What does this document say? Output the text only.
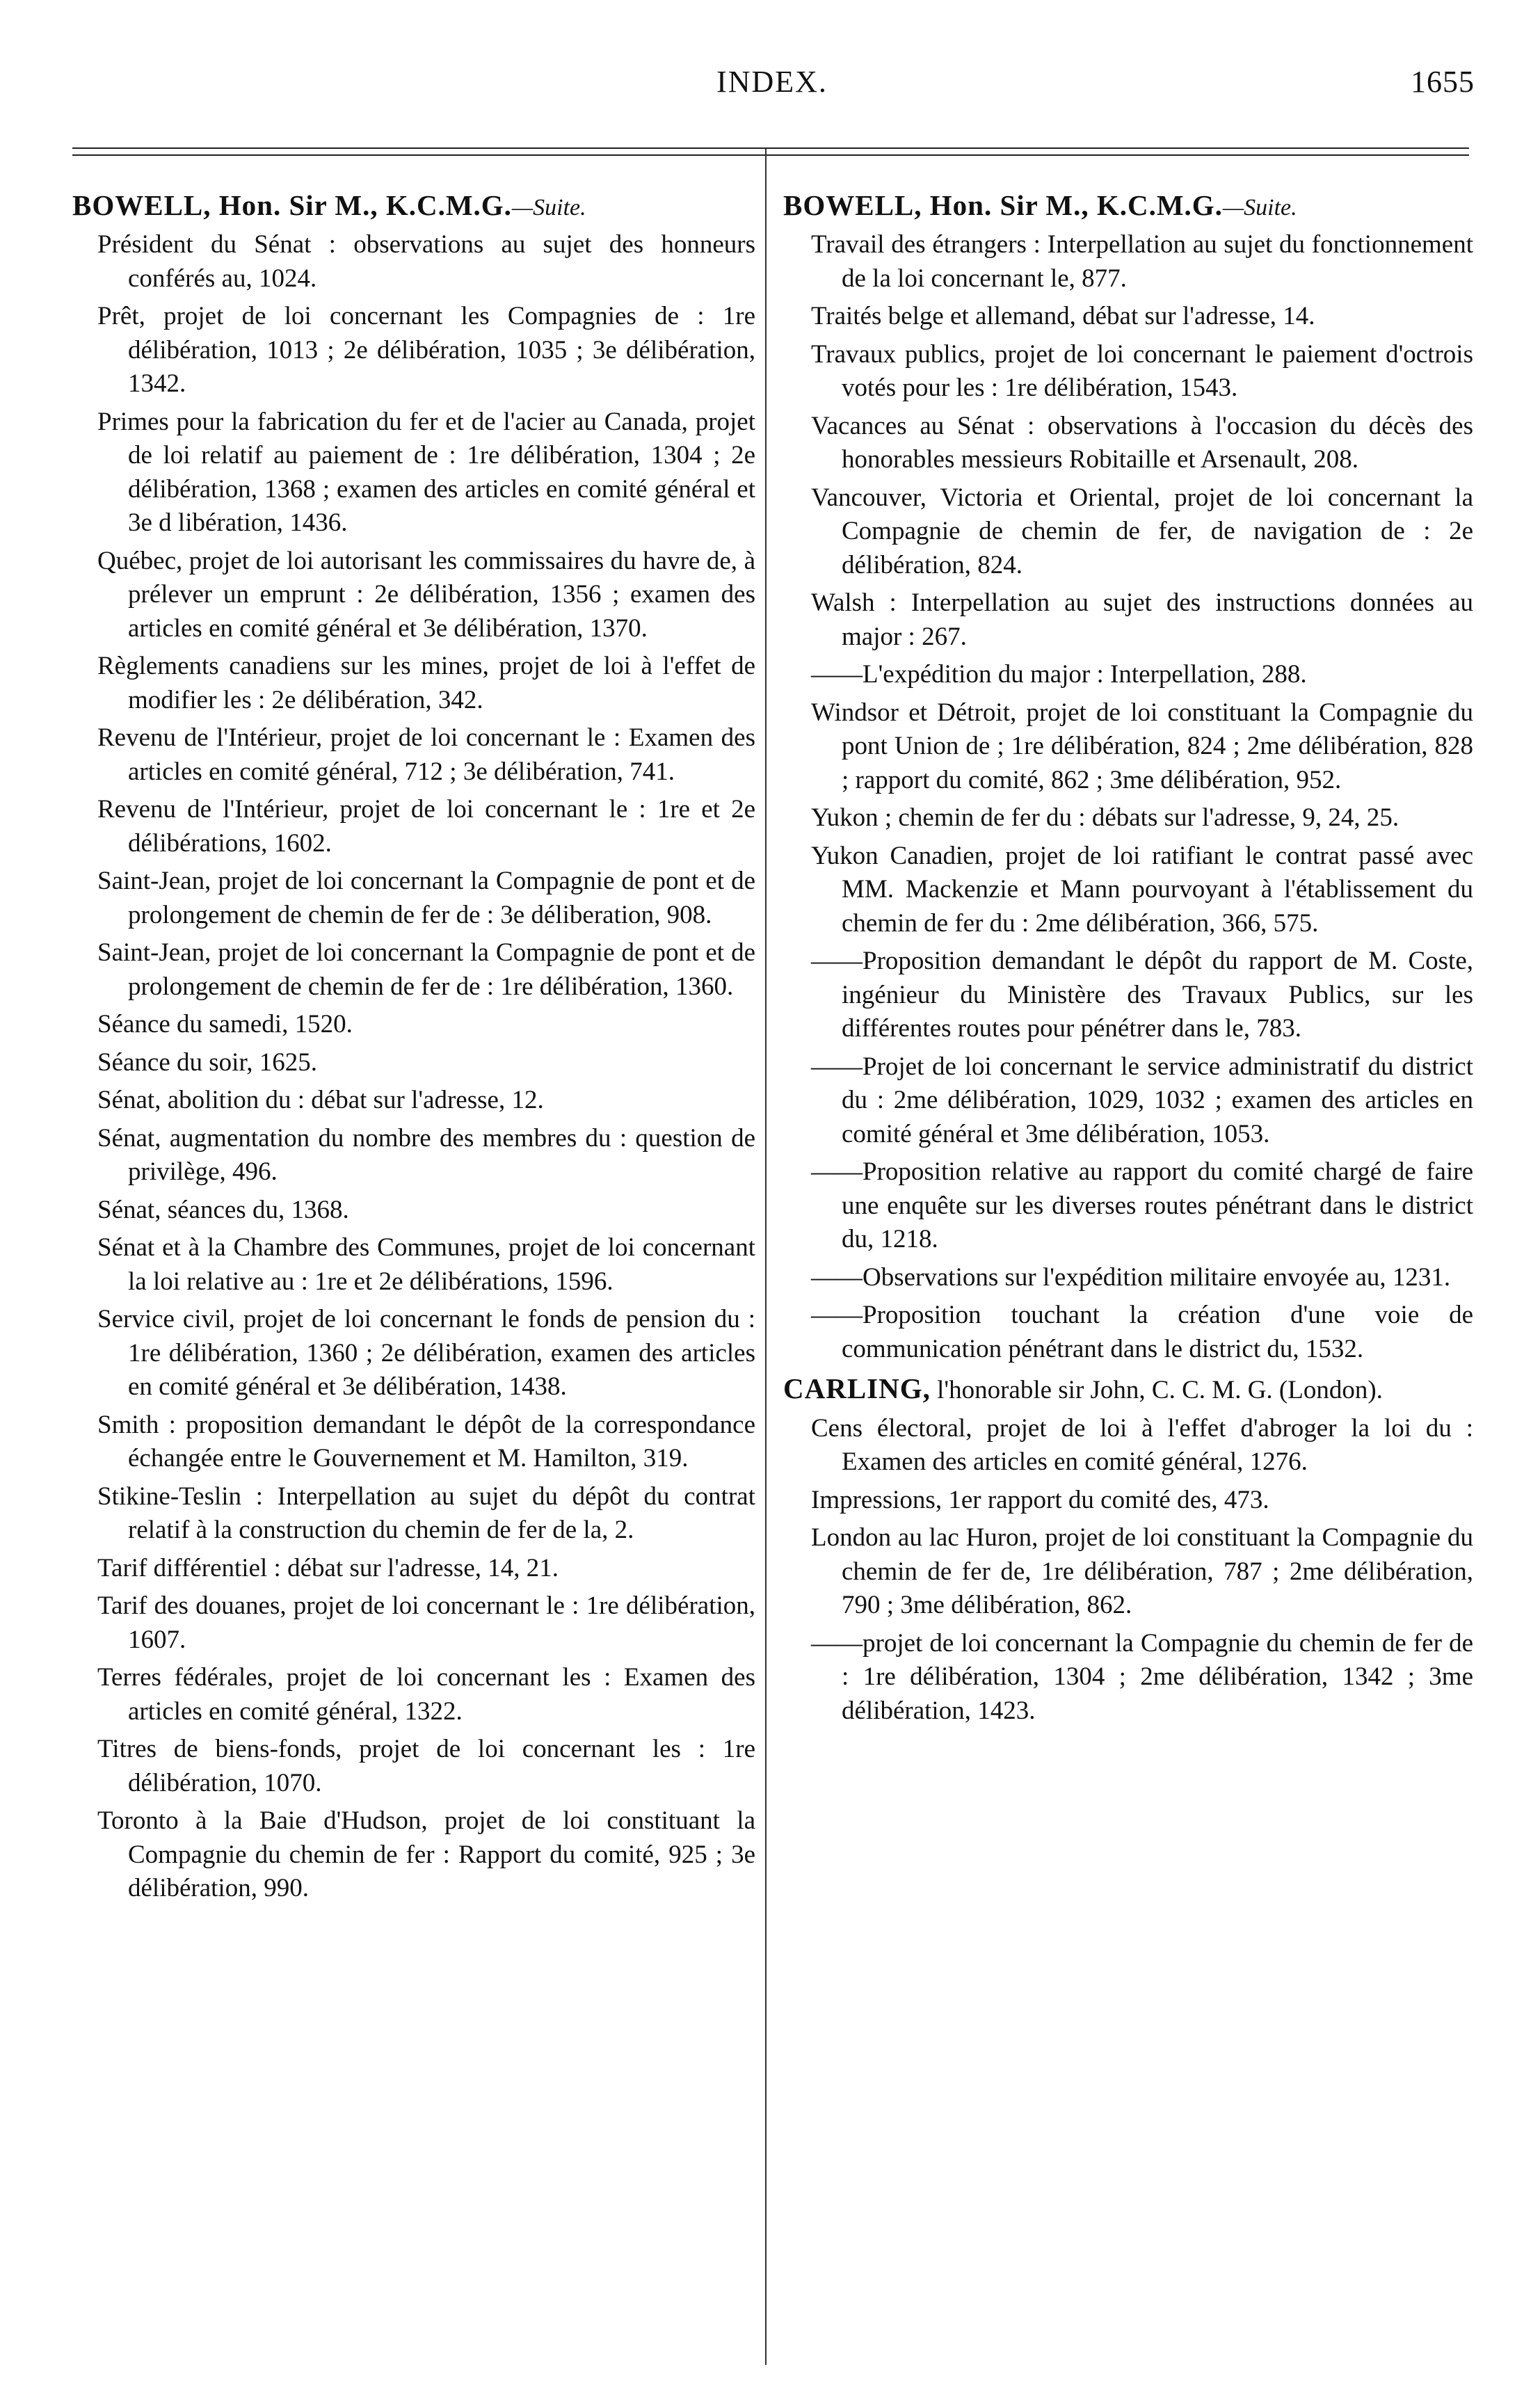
INDEX.	1655
BOWELL, Hon. Sir M., K.C.M.G.—Suite.
Président du Sénat : observations au sujet des honneurs conférés au, 1024.
Prêt, projet de loi concernant les Compagnies de : 1re délibération, 1013 ; 2e délibération, 1035 ; 3e délibération, 1342.
Primes pour la fabrication du fer et de l'acier au Canada, projet de loi relatif au paiement de : 1re délibération, 1304 ; 2e délibération, 1368 ; examen des articles en comité général et 3e d libération, 1436.
Québec, projet de loi autorisant les commissaires du havre de, à prélever un emprunt : 2e délibération, 1356 ; examen des articles en comité général et 3e délibération, 1370.
Règlements canadiens sur les mines, projet de loi à l'effet de modifier les : 2e délibération, 342.
Revenu de l'Intérieur, projet de loi concernant le : Examen des articles en comité général, 712 ; 3e délibération, 741.
Revenu de l'Intérieur, projet de loi concernant le : 1re et 2e délibérations, 1602.
Saint-Jean, projet de loi concernant la Compagnie de pont et de prolongement de chemin de fer de : 3e déliberation, 908.
Saint-Jean, projet de loi concernant la Compagnie de pont et de prolongement de chemin de fer de : 1re délibération, 1360.
Séance du samedi, 1520.
Séance du soir, 1625.
Sénat, abolition du : débat sur l'adresse, 12.
Sénat, augmentation du nombre des membres du : question de privilège, 496.
Sénat, séances du, 1368.
Sénat et à la Chambre des Communes, projet de loi concernant la loi relative au : 1re et 2e délibérations, 1596.
Service civil, projet de loi concernant le fonds de pension du : 1re délibération, 1360 ; 2e délibération, examen des articles en comité général et 3e délibération, 1438.
Smith : proposition demandant le dépôt de la correspondance échangée entre le Gouvernement et M. Hamilton, 319.
Stikine-Teslin : Interpellation au sujet du dépôt du contrat relatif à la construction du chemin de fer de la, 2.
Tarif différentiel : débat sur l'adresse, 14, 21.
Tarif des douanes, projet de loi concernant le : 1re délibération, 1607.
Terres fédérales, projet de loi concernant les : Examen des articles en comité général, 1322.
Titres de biens-fonds, projet de loi concernant les : 1re délibération, 1070.
Toronto à la Baie d'Hudson, projet de loi constituant la Compagnie du chemin de fer : Rapport du comité, 925 ; 3e délibération, 990.
BOWELL, Hon. Sir M., K.C.M.G.—Suite.
Travail des étrangers : Interpellation au sujet du fonctionnement de la loi concernant le, 877.
Traités belge et allemand, débat sur l'adresse, 14.
Travaux publics, projet de loi concernant le paiement d'octrois votés pour les : 1re délibération, 1543.
Vacances au Sénat : observations à l'occasion du décès des honorables messieurs Robitaille et Arsenault, 208.
Vancouver, Victoria et Oriental, projet de loi concernant la Compagnie de chemin de fer, de navigation de : 2e délibération, 824.
Walsh : Interpellation au sujet des instructions données au major : 267.
——L'expédition du major : Interpellation, 288.
Windsor et Détroit, projet de loi constituant la Compagnie du pont Union de ; 1re délibération, 824 ; 2me délibération, 828 ; rapport du comité, 862 ; 3me délibération, 952.
Yukon ; chemin de fer du : débats sur l'adresse, 9, 24, 25.
Yukon Canadien, projet de loi ratifiant le contrat passé avec MM. Mackenzie et Mann pourvoyant à l'établissement du chemin de fer du : 2me délibération, 366, 575.
——Proposition demandant le dépôt du rapport de M. Coste, ingénieur du Ministère des Travaux Publics, sur les différentes routes pour pénétrer dans le, 783.
——Projet de loi concernant le service administratif du district du : 2me délibération, 1029, 1032 ; examen des articles en comité général et 3me délibération, 1053.
——Proposition relative au rapport du comité chargé de faire une enquête sur les diverses routes pénétrant dans le district du, 1218.
——Observations sur l'expédition militaire envoyée au, 1231.
——Proposition touchant la création d'une voie de communication pénétrant dans le district du, 1532.
CARLING, l'honorable sir John, C. C. M. G. (London).
Cens électoral, projet de loi à l'effet d'abroger la loi du : Examen des articles en comité général, 1276.
Impressions, 1er rapport du comité des, 473.
London au lac Huron, projet de loi constituant la Compagnie du chemin de fer de, 1re délibération, 787 ; 2me délibération, 790 ; 3me délibération, 862.
——projet de loi concernant la Compagnie du chemin de fer de : 1re délibération, 1304 ; 2me délibération, 1342 ; 3me délibération, 1423.
